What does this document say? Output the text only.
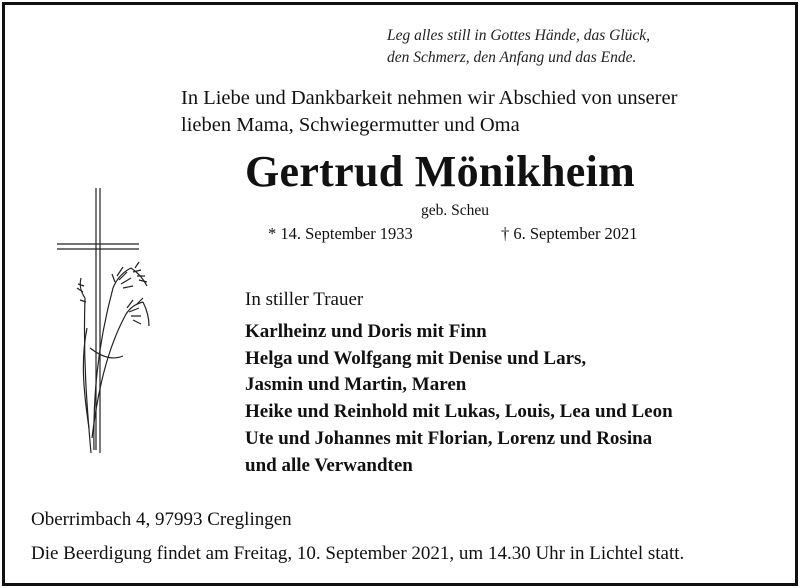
Leg alles still in Gottes Hände, das Glück,
den Schmerz, den Anfang und das Ende.
In Liebe und Dankbarkeit nehmen wir Abschied von unserer
lieben Mama, Schwiegermutter und Oma
Gertrud Mönikheim
geb. Scheu
* 14. September 1933	† 6. September 2021
In stiller Trauer
Karlheinz und Doris mit Finn
Helga und Wolfgang mit Denise und Lars,
Jasmin und Martin, Maren
Heike und Reinhold mit Lukas, Louis, Lea und Leon
Ute und Johannes mit Florian, Lorenz und Rosina
und alle Verwandten
Oberrimbach 4, 97993 Creglingen
Die Beerdigung findet am Freitag, 10. September 2021, um 14.30 Uhr in Lichtel statt.
